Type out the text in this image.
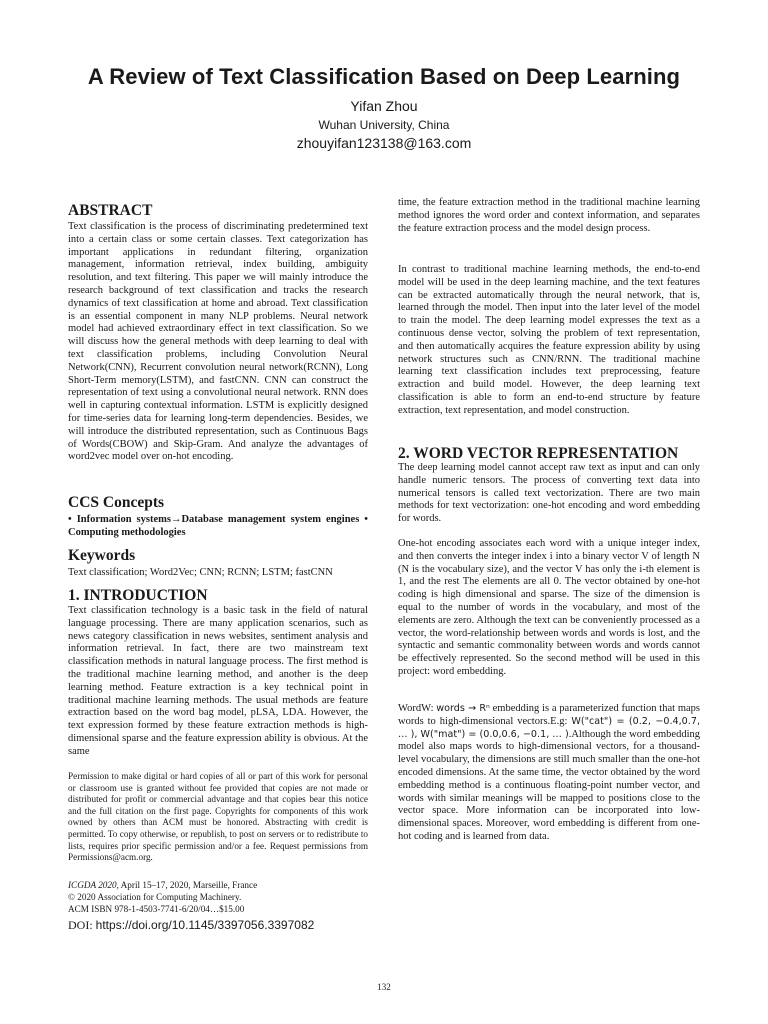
A Review of Text Classification Based on Deep Learning
Yifan Zhou
Wuhan University, China
zhouyifan123138@163.com
ABSTRACT

Text classification is the process of discriminating predetermined text into a certain class or some certain classes. Text categorization has important applications in redundant filtering, organization management, information retrieval, index building, ambiguity resolution, and text filtering. This paper we will mainly introduce the research background of text classification and tracks the research dynamics of text classification at home and abroad. Text classification is an essential component in many NLP problems. Neural network model had achieved extraordinary effect in text classification. So we will discuss how the general methods with deep learning to deal with text classification problems, including Convolution Neural Network(CNN), Recurrent convolution neural network(RCNN), Long Short-Term memory(LSTM), and fastCNN. CNN can construct the representation of text using a convolutional neural network. RNN does well in capturing contextual information. LSTM is explicitly designed for time-series data for learning long-term dependencies. Besides, we will introduce the distributed representation, such as Continuous Bags of Words(CBOW) and Skip-Gram. And analyze the advantages of word2vec model over on-hot encoding.

CCS Concepts

• Information systems→Database management system engines • Computing methodologies

Keywords

Text classification; Word2Vec; CNN; RCNN; LSTM; fastCNN

1. INTRODUCTION

Text classification technology is a basic task in the field of natural language processing. There are many application scenarios, such as news category classification in news websites, sentiment analysis and information retrieval. In fact, there are two mainstream text classification methods in natural language process. The first method is the traditional machine learning method, and another is the deep learning method. Feature extraction is a key technical point in traditional machine learning methods. The usual methods are feature extraction based on the word bag model, pLSA, LDA. However, the text expression formed by these feature extraction methods is high-dimensional sparse and the feature expression ability is obvious. At the same

Permission to make digital or hard copies of all or part of this work for personal or classroom use is granted without fee provided that copies are not made or distributed for profit or commercial advantage and that copies bear this notice and the full citation on the first page. Copyrights for components of this work owned by others than ACM must be honored. Abstracting with credit is permitted. To copy otherwise, or republish, to post on servers or to redistribute to lists, requires prior specific permission and/or a fee. Request permissions from Permissions@acm.org.

ICGDA 2020, April 15–17, 2020, Marseille, France
© 2020 Association for Computing Machinery.
ACM ISBN 978-1-4503-7741-6/20/04…$15.00
DOI: https://doi.org/10.1145/3397056.3397082

time, the feature extraction method in the traditional machine learning method ignores the word order and context information, and separates the feature extraction process and the model design process.

In contrast to traditional machine learning methods, the end-to-end model will be used in the deep learning machine, and the text features can be extracted automatically through the neural network, that is, learned through the model. Then input into the later level of the model to train the model. The deep learning model expresses the text as a continuous dense vector, solving the problem of text representation, and then automatically acquires the feature expression ability by using network structures such as CNN/RNN. The traditional machine learning text classification includes text preprocessing, feature extraction and build model. However, the deep learning text classification is able to form an end-to-end structure by feature extraction, text representation, and model construction.

2. WORD VECTOR REPRESENTATION

The deep learning model cannot accept raw text as input and can only handle numeric tensors. The process of converting text data into numerical tensors is called text vectorization. There are two main methods for text vectorization: one-hot encoding and word embedding for words.

One-hot encoding associates each word with a unique integer index, and then converts the integer index i into a binary vector V of length N (N is the vocabulary size), and the vector V has only the i-th element is 1, and the rest The elements are all 0. The vector obtained by one-hot coding is high dimensional and sparse. The size of the dimension is equal to the number of words in the vocabulary, and most of the elements are zero. Although the text can be conveniently processed as a vector, the word-relationship between words and words is lost, and the syntactic and semantic commonality between words and words cannot be effectively represented. So the second method will be used in this project: word embedding.

WordW: words → Rⁿ embedding is a parameterized function that maps words to high-dimensional vectors.E.g: W("cat") = (0.2, −0.4,0.7, … ), W("mat") = (0.0,0.6, −0.1, … ).Although the word embedding model also maps words to high-dimensional vectors, for a thousand-level vocabulary, the dimensions are still much smaller than the one-hot encoded dimensions. At the same time, the vector obtained by the word embedding method is a continuous floating-point number vector, and words with similar meanings will be mapped to positions close to the vector space. More information can be incorporated into low-dimensional spaces. Moreover, word embedding is different from one-hot coding and is learned from data.

132
